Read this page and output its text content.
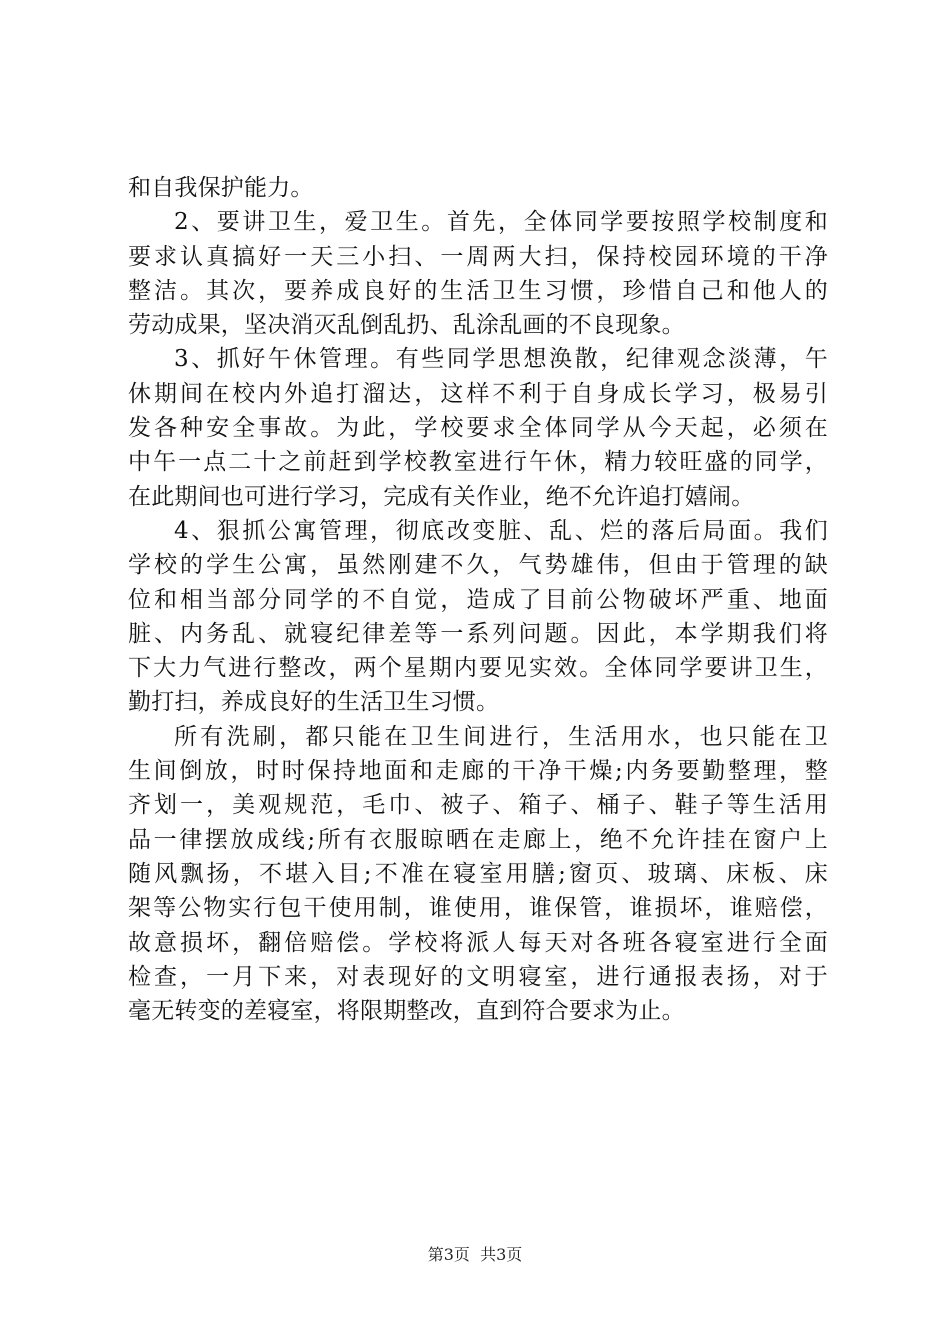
和自我保护能力。
2、要讲卫生，爱卫生。首先，全体同学要按照学校制度和
要求认真搞好一天三小扫、一周两大扫，保持校园环境的干净
整洁。其次，要养成良好的生活卫生习惯，珍惜自己和他人的
劳动成果，坚决消灭乱倒乱扔、乱涂乱画的不良现象。
3、抓好午休管理。有些同学思想涣散，纪律观念淡薄，午
休期间在校内外追打溜达，这样不利于自身成长学习，极易引
发各种安全事故。为此，学校要求全体同学从今天起，必须在
中午一点二十之前赶到学校教室进行午休，精力较旺盛的同学，
在此期间也可进行学习，完成有关作业，绝不允许追打嬉闹。
4、狠抓公寓管理，彻底改变脏、乱、烂的落后局面。我们
学校的学生公寓，虽然刚建不久，气势雄伟，但由于管理的缺
位和相当部分同学的不自觉，造成了目前公物破坏严重、地面
脏、内务乱、就寝纪律差等一系列问题。因此，本学期我们将
下大力气进行整改，两个星期内要见实效。全体同学要讲卫生，
勤打扫，养成良好的生活卫生习惯。
所有洗刷，都只能在卫生间进行，生活用水，也只能在卫
生间倒放，时时保持地面和走廊的干净干燥;内务要勤整理，整
齐划一，美观规范，毛巾、被子、箱子、桶子、鞋子等生活用
品一律摆放成线;所有衣服晾晒在走廊上，绝不允许挂在窗户上
随风飘扬，不堪入目;不准在寝室用膳;窗页、玻璃、床板、床
架等公物实行包干使用制，谁使用，谁保管，谁损坏，谁赔偿，
故意损坏，翻倍赔偿。学校将派人每天对各班各寝室进行全面
检查，一月下来，对表现好的文明寝室，进行通报表扬，对于
毫无转变的差寝室，将限期整改，直到符合要求为止。
第3页  共3页
